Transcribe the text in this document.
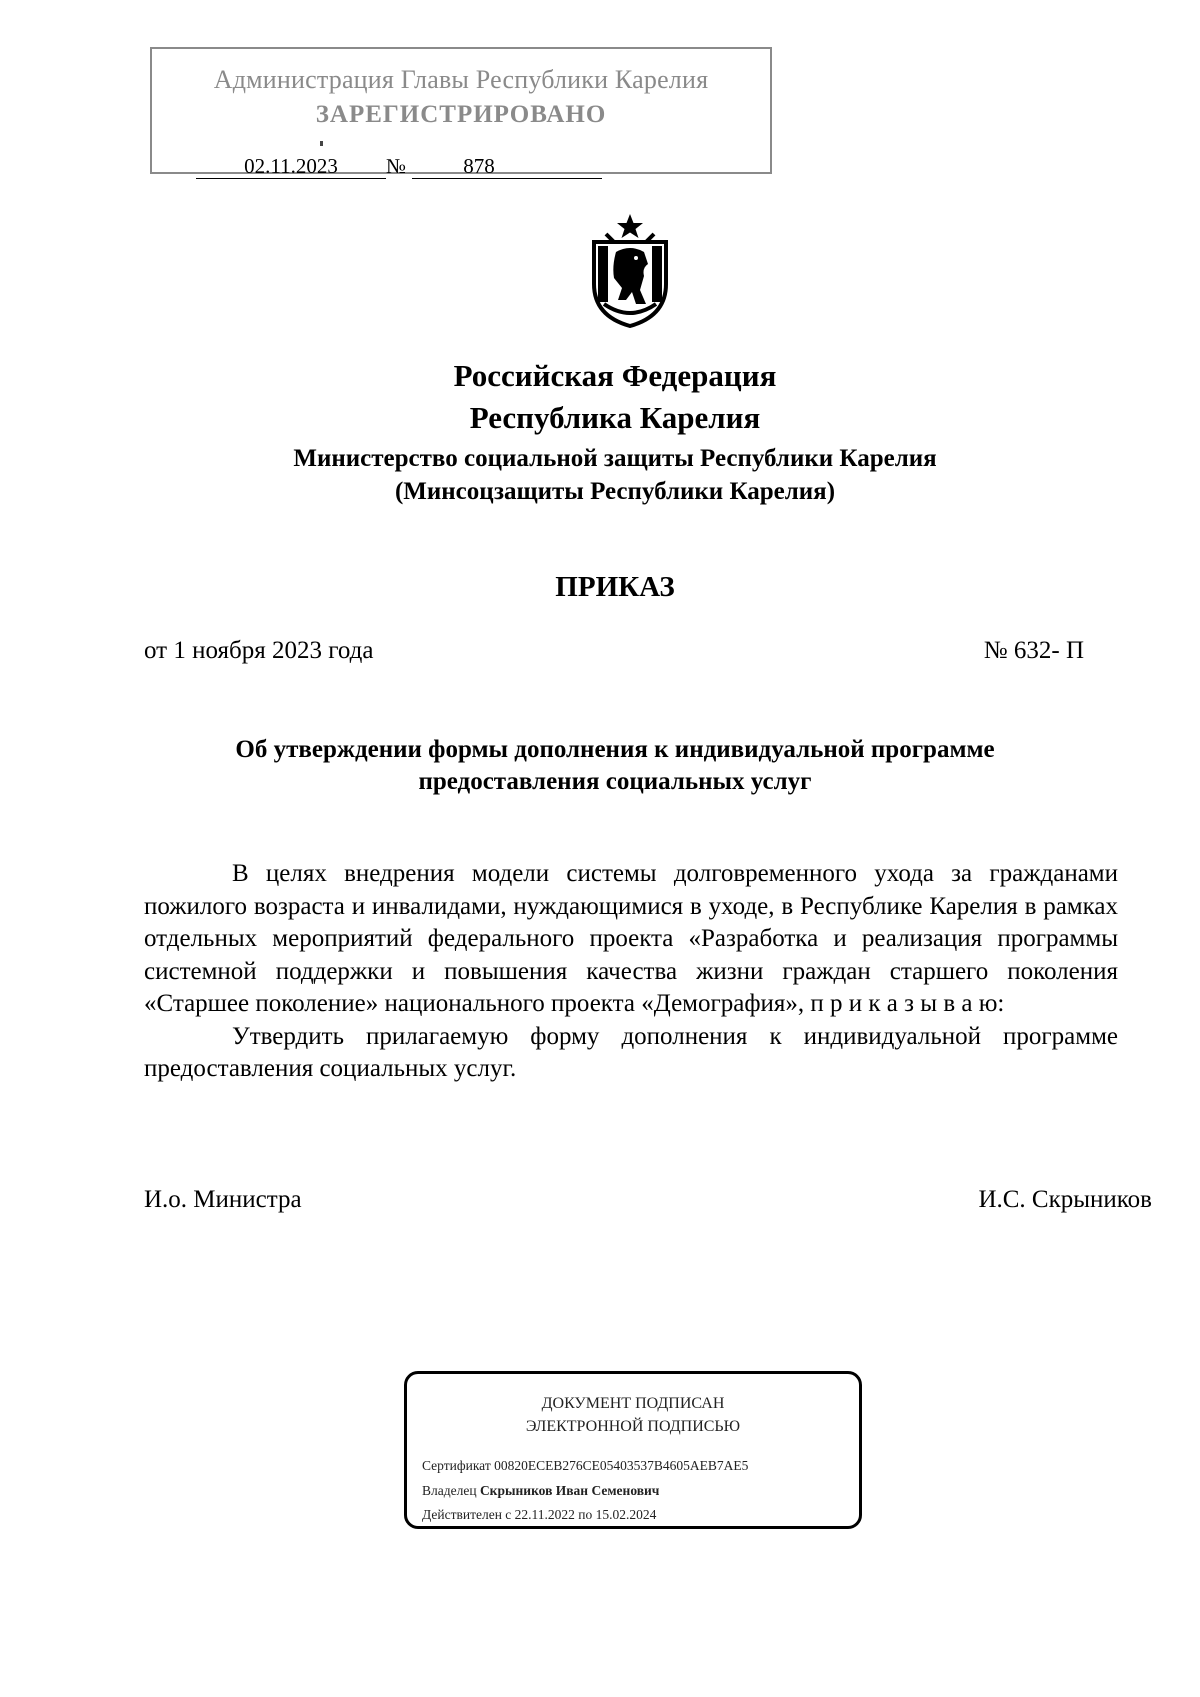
Администрация Главы Республики Карелия
ЗАРЕГИСТРИРОВАНО
02.11.2023	№	878
Российская Федерация
Республика Карелия
Министерство социальной защиты Республики Карелия
(Минсоцзащиты Республики Карелия)
ПРИКАЗ
от 1 ноября 2023 года	№ 632- П
Об утверждении формы дополнения к индивидуальной программе
предоставления социальных услуг

В целях внедрения модели системы долговременного ухода за гражданами пожилого возраста и инвалидами, нуждающимися в уходе, в Республике Карелия в рамках отдельных мероприятий федерального проекта «Разработка и реализация программы системной поддержки и повышения качества жизни граждан старшего поколения «Старшее поколение» национального проекта «Демография», п р и к а з ы в а ю:

Утвердить прилагаемую форму дополнения к индивидуальной программе предоставления социальных услуг.

И.о. Министра	И.С. Скрыников
ДОКУМЕНТ ПОДПИСАН
ЭЛЕКТРОННОЙ ПОДПИСЬЮ
Сертификат 00820ECEB276CE05403537B4605AEB7AE5
Владелец Скрыников Иван Семенович
Действителен с 22.11.2022 по 15.02.2024
